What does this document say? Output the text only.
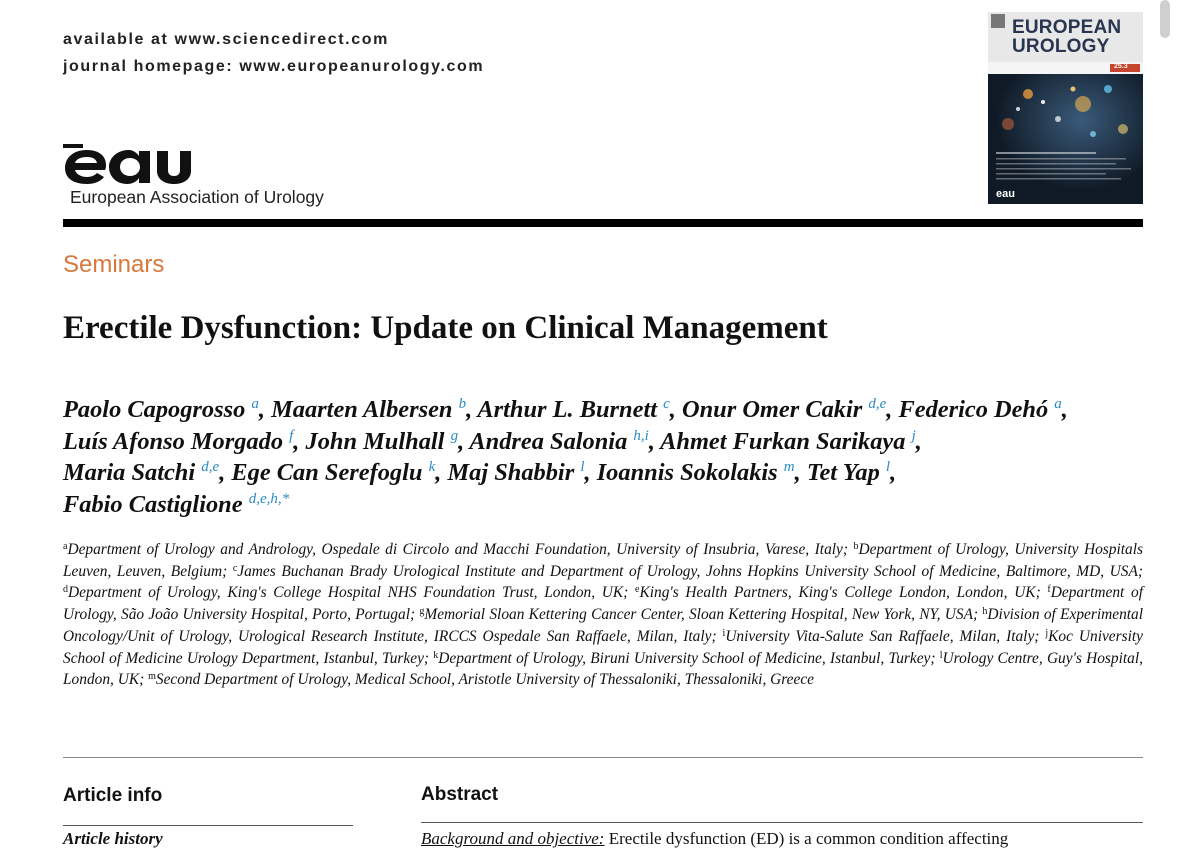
available at www.sciencedirect.com
journal homepage: www.europeanurology.com
European Association of Urology
EUROPEAN
UROLOGY
25.3
eau
Seminars
Erectile Dysfunction: Update on Clinical Management
Paolo Capogrosso $^a$, Maarten Albersen $^b$, Arthur L. Burnett $^c$, Onur Omer Cakir $^{d,e}$, Federico Dehó $^a$,
Luís Afonso Morgado $^f$, John Mulhall $^g$, Andrea Salonia $^{h,i}$, Ahmet Furkan Sarikaya $^j$,
Maria Satchi $^{d,e}$, Ege Can Serefoglu $^k$, Maj Shabbir $^l$, Ioannis Sokolakis $^m$, Tet Yap $^l$,
Fabio Castiglione $^{d,e,h,*}$
$^a$Department of Urology and Andrology, Ospedale di Circolo and Macchi Foundation, University of Insubria, Varese, Italy; $^b$Department of Urology, University Hospitals Leuven, Leuven, Belgium; $^c$James Buchanan Brady Urological Institute and Department of Urology, Johns Hopkins University School of Medicine, Baltimore, MD, USA; $^d$Department of Urology, King's College Hospital NHS Foundation Trust, London, UK; $^e$King's Health Partners, King's College London, London, UK; $^f$Department of Urology, São João University Hospital, Porto, Portugal; $^g$Memorial Sloan Kettering Cancer Center, Sloan Kettering Hospital, New York, NY, USA; $^h$Division of Experimental Oncology/Unit of Urology, Urological Research Institute, IRCCS Ospedale San Raffaele, Milan, Italy; $^i$University Vita-Salute San Raffaele, Milan, Italy; $^j$Koc University School of Medicine Urology Department, Istanbul, Turkey; $^k$Department of Urology, Biruni University School of Medicine, Istanbul, Turkey; $^l$Urology Centre, Guy's Hospital, London, UK; $^m$Second Department of Urology, Medical School, Aristotle University of Thessaloniki, Thessaloniki, Greece
Article info	Abstract
Article history	Background and objective: Erectile dysfunction (ED) is a common condition affecting
